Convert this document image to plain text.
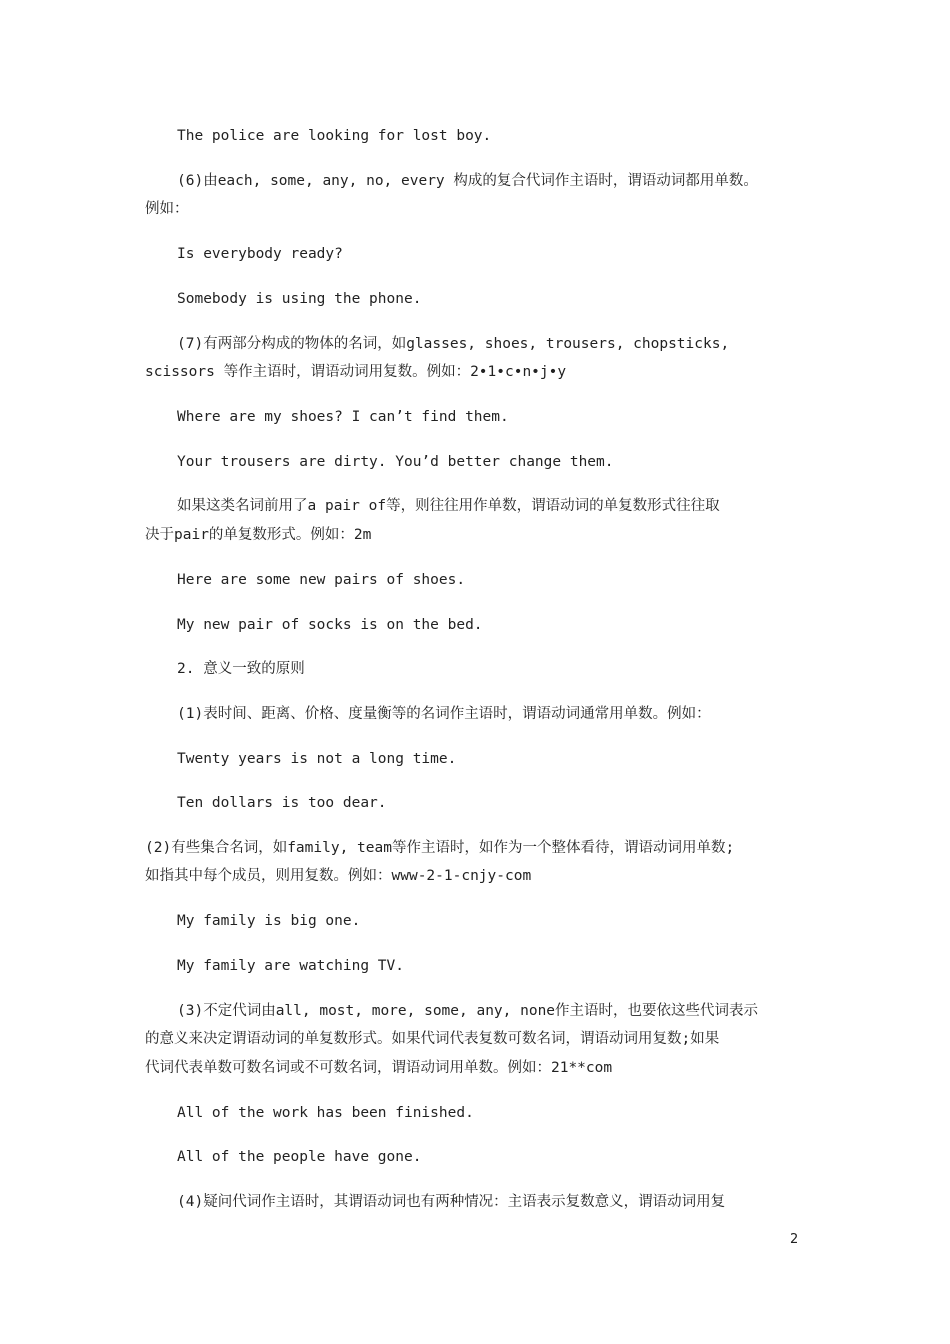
The police are looking for lost boy.

(6)由each, some, any, no, every 构成的复合代词作主语时，谓语动词都用单数。

例如：

Is everybody ready?

Somebody is using the phone.

(7)有两部分构成的物体的名词，如glasses, shoes, trousers, chopsticks,

scissors 等作主语时，谓语动词用复数。例如：2•1•c•n•j•y

Where are my shoes? I can’t find them.

Your trousers are dirty. You’d better change them.

如果这类名词前用了a pair of等，则往往用作单数，谓语动词的单复数形式往往取

决于pair的单复数形式。例如：2m

Here are some new pairs of shoes.

My new pair of socks is on the bed.

2. 意义一致的原则

(1)表时间、距离、价格、度量衡等的名词作主语时，谓语动词通常用单数。例如：

Twenty years is not a long time.

Ten dollars is too dear.

(2)有些集合名词，如family, team等作主语时，如作为一个整体看待，谓语动词用单数;

如指其中每个成员，则用复数。例如：www-2-1-cnjy-com

My family is big one.

My family are watching TV.

(3)不定代词由all, most, more, some, any, none作主语时，也要依这些代词表示

的意义来决定谓语动词的单复数形式。如果代词代表复数可数名词，谓语动词用复数;如果

代词代表单数可数名词或不可数名词，谓语动词用单数。例如：21**com

All of the work has been finished.

All of the people have gone.

(4)疑问代词作主语时，其谓语动词也有两种情况：主语表示复数意义，谓语动词用复

2
